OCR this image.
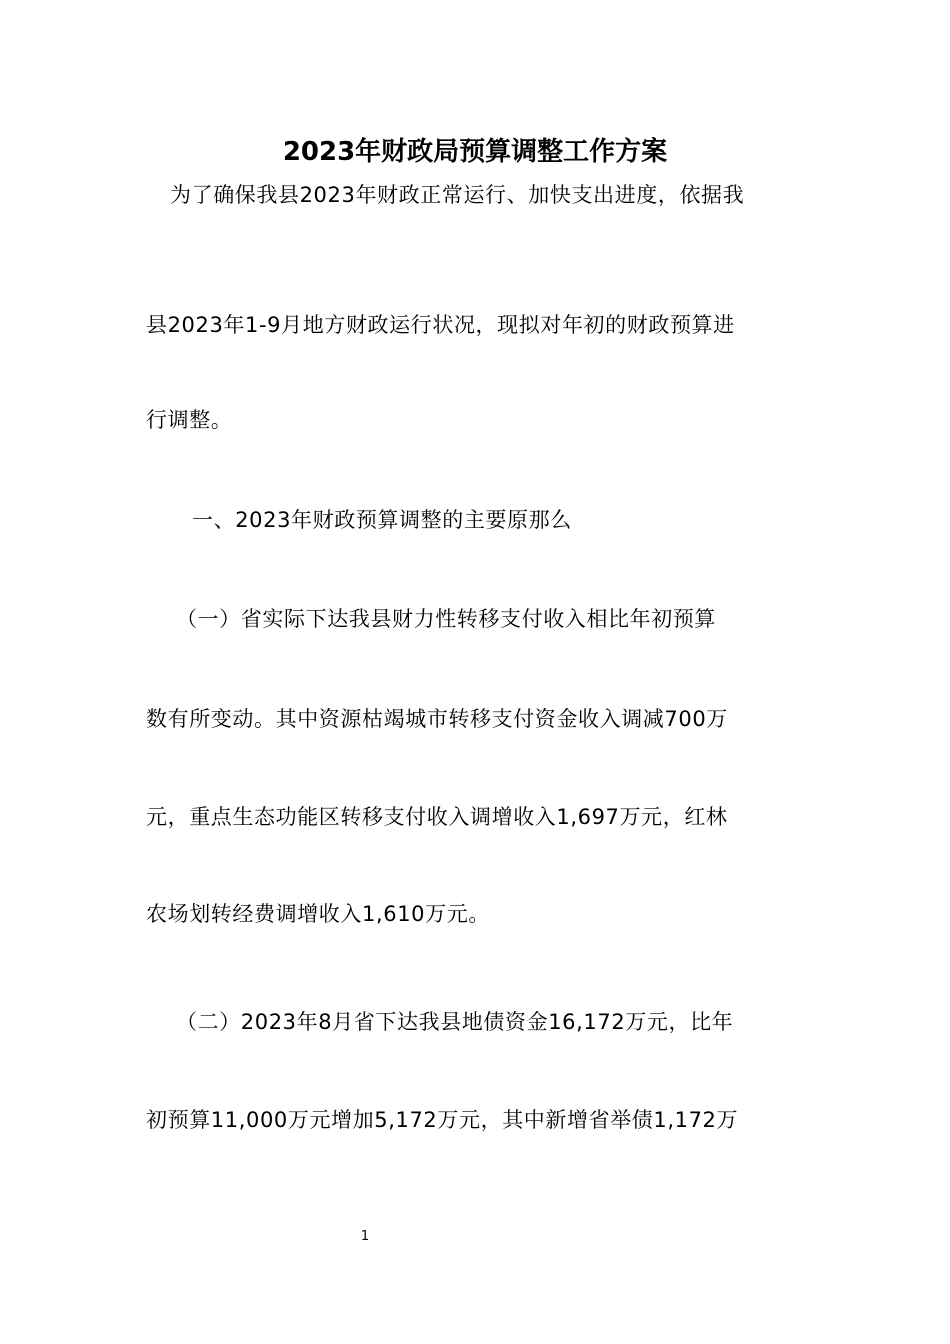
2023年财政局预算调整工作方案
为了确保我县2023年财政正常运行、加快支出进度，依据我
县2023年1-9月地方财政运行状况，现拟对年初的财政预算进
行调整。
一、2023年财政预算调整的主要原那么
（一）省实际下达我县财力性转移支付收入相比年初预算
数有所变动。其中资源枯竭城市转移支付资金收入调减700万
元，重点生态功能区转移支付收入调增收入1,697万元，红林
农场划转经费调增收入1,610万元。
（二）2023年8月省下达我县地债资金16,172万元，比年
初预算11,000万元增加5,172万元，其中新增省举债1,172万
1
